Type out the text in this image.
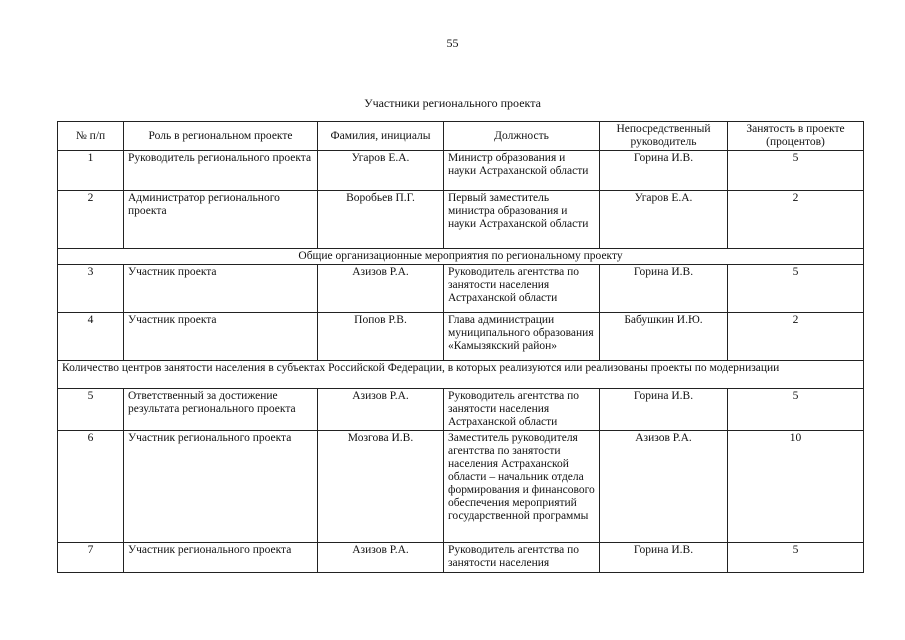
55
Участники регионального проекта
№ п/п	Роль в региональном проекте	Фамилия, инициалы	Должность	Непосредственный руководитель	Занятость в проекте (процентов)
1	Руководитель регионального проекта	Угаров Е.А.	Министр образования и науки Астраханской области	Горина И.В.	5
2	Администратор регионального проекта	Воробьев П.Г.	Первый заместитель министра образования и науки Астраханской области	Угаров Е.А.	2
Общие организационные мероприятия по региональному проекту					
3	Участник проекта	Азизов Р.А.	Руководитель агентства по занятости населения Астраханской области	Горина И.В.	5
4	Участник проекта	Попов Р.В.	Глава администрации муниципального образования «Камызякский район»	Бабушкин И.Ю.	2
Количество центров занятости населения в субъектах Российской Федерации, в которых реализуются или реализованы проекты по модернизации					
5	Ответственный за достижение результата регионального проекта	Азизов Р.А.	Руководитель агентства по занятости населения Астраханской области	Горина И.В.	5
6	Участник регионального проекта	Мозгова И.В.	Заместитель руководителя агентства по занятости населения Астраханской области – начальник отдела формирования и финансового обеспечения мероприятий государственной программы	Азизов Р.А.	10
7	Участник регионального проекта	Азизов Р.А.	Руководитель агентства по занятости населения	Горина И.В.	5
